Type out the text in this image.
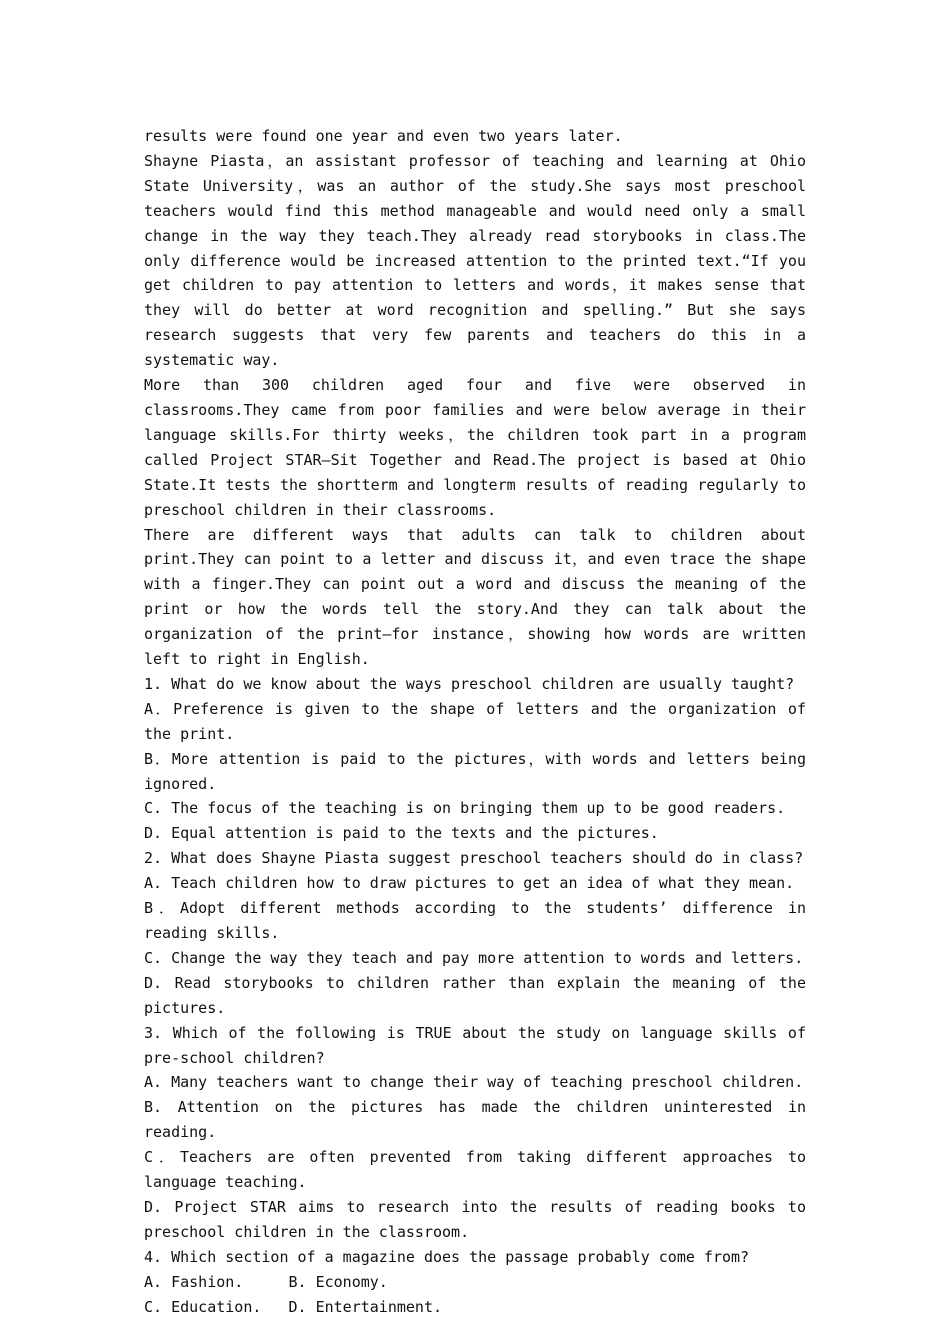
results were found one year and even two years later.

Shayne Piasta，an assistant professor of teaching and learning at Ohio State University，was an author of the study.She says most preschool teachers would find this method manageable and would need only a small change in the way they teach.They already read storybooks in class.The only difference would be increased attention to the printed text.“If you get children to pay attention to letters and words，it makes sense that they will do better at word recognition and spelling.” But she says research suggests that very few parents and teachers do this in a systematic way.

More than 300 children aged four and five were observed in classrooms.They came from poor families and were below average in their language skills.For thirty weeks，the children took part in a program called Project STAR—Sit Together and Read.The project is based at Ohio State.It tests the shortterm and longterm results of reading regularly to preschool children in their classrooms.

There are different ways that adults can talk to children about print.They can point to a letter and discuss it，and even trace the shape with a finger.They can point out a word and discuss the meaning of the print or how the words tell the story.And they can talk about the organization of the print—for instance，showing how words are written left to right in English.

1. What do we know about the ways preschool children are usually taught?

A．Preference is given to the shape of letters and the organization of the print.

B．More attention is paid to the pictures，with words and letters being ignored.

C. The focus of the teaching is on bringing them up to be good readers.

D. Equal attention is paid to the texts and the pictures.

2. What does Shayne Piasta suggest preschool teachers should do in class?

A. Teach children how to draw pictures to get an idea of what they mean.

B．Adopt different methods according to the students’ difference in reading skills.

C. Change the way they teach and pay more attention to words and letters.

D. Read storybooks to children rather than explain the meaning of the pictures.

3. Which of the following is TRUE about the study on language skills of pre-school children?

A. Many teachers want to change their way of teaching preschool children.

B. Attention on the pictures has made the children uninterested in reading.

C．Teachers are often prevented from taking different approaches to language teaching.

D. Project STAR aims to research into the results of reading books to preschool children in the classroom.

4. Which section of a magazine does the passage probably come from?

A. Fashion.     B. Economy.
C. Education.   D. Entertainment.
